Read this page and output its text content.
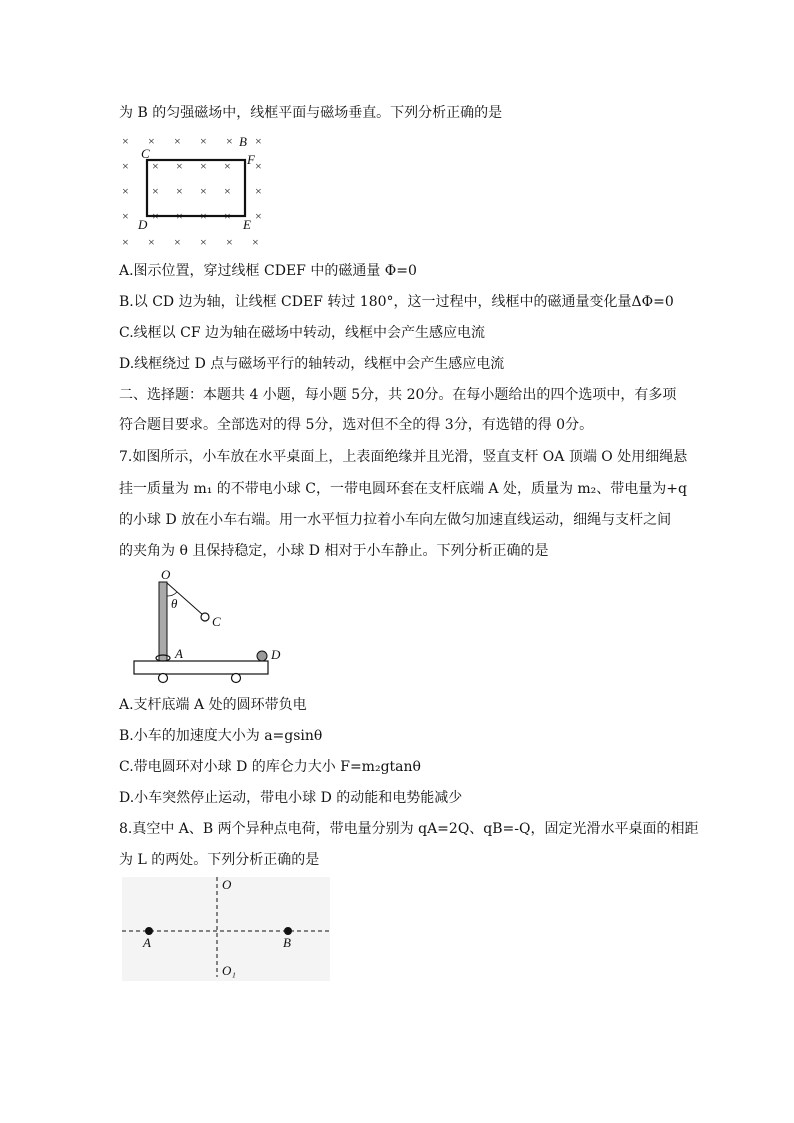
为 B 的匀强磁场中，线框平面与磁场垂直。下列分析正确的是
× × × × × ×
× × × × × ×
× × × × × ×
× × × × × ×
× × × × × ×
B
C	F
D	E
A.图示位置，穿过线框 CDEF 中的磁通量 Φ=0
B.以 CD 边为轴，让线框 CDEF 转过 180°，这一过程中，线框中的磁通量变化量ΔΦ=0
C.线框以 CF 边为轴在磁场中转动，线框中会产生感应电流
D.线框绕过 D 点与磁场平行的轴转动，线框中会产生感应电流
二、选择题：本题共 4 小题，每小题 5分，共 20分。在每小题给出的四个选项中，有多项
符合题目要求。全部选对的得 5分，选对但不全的得 3分，有选错的得 0分。
7.如图所示，小车放在水平桌面上，上表面绝缘并且光滑，竖直支杆 OA 顶端 O 处用细绳悬
挂一质量为 m₁ 的不带电小球 C，一带电圆环套在支杆底端 A 处，质量为 m₂、带电量为+q
的小球 D 放在小车右端。用一水平恒力拉着小车向左做匀加速直线运动，细绳与支杆之间
的夹角为 θ 且保持稳定，小球 D 相对于小车静止。下列分析正确的是
O
θ
C
A	D
A.支杆底端 A 处的圆环带负电
B.小车的加速度大小为 a=gsinθ
C.带电圆环对小球 D 的库仑力大小 F=m₂gtanθ
D.小车突然停止运动，带电小球 D 的动能和电势能减少
8.真空中 A、B 两个异种点电荷，带电量分别为 qA=2Q、qB=-Q，固定光滑水平桌面的相距
为 L 的两处。下列分析正确的是
O
A	B
O₁
